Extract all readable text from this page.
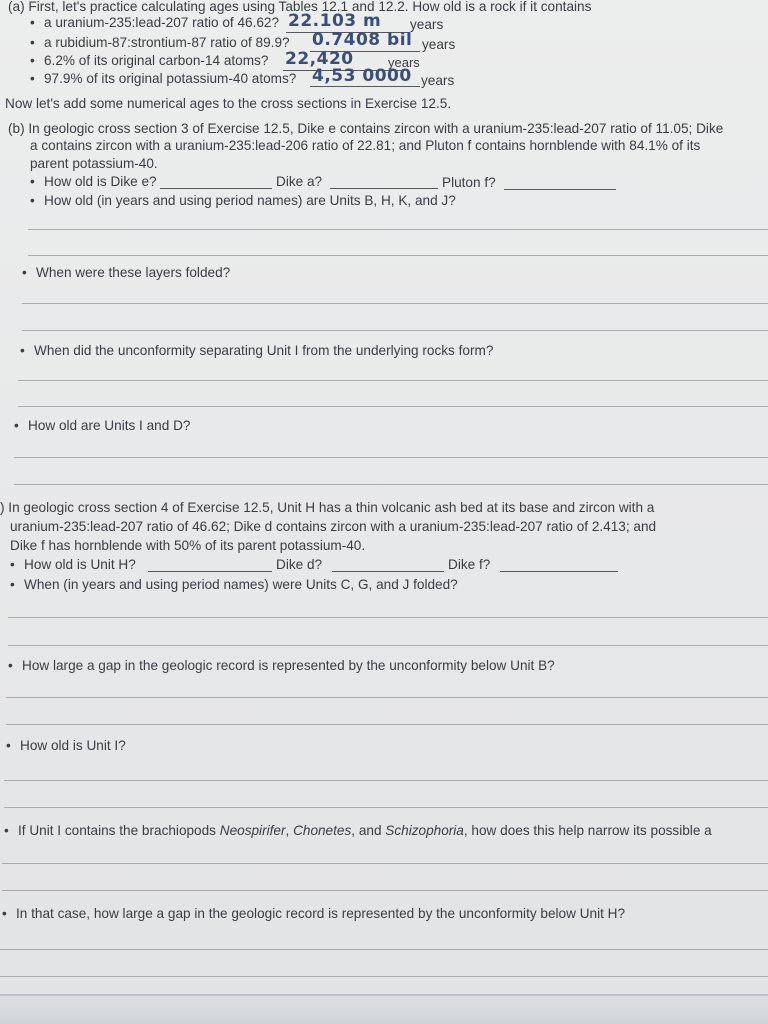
(a) First, let's practice calculating ages using Tables 12.1 and 12.2. How old is a rock if it contains
• a uranium-235:lead-207 ratio of 46.62? 22.103 m years
• a rubidium-87:strontium-87 ratio of 89.9? 0.7408 bil years
• 6.2% of its original carbon-14 atoms? 22,420	years
• 97.9% of its original potassium-40 atoms? 4,53 0000 years
Now let's add some numerical ages to the cross sections in Exercise 12.5.
(b) In geologic cross section 3 of Exercise 12.5, Dike e contains zircon with a uranium-235:lead-207 ratio of 11.05; Dike
a contains zircon with a uranium-235:lead-206 ratio of 22.81; and Pluton f contains hornblende with 84.1% of its
parent potassium-40.
• How old is Dike e?	Dike a?	Pluton f?
• How old (in years and using period names) are Units B, H, K, and J?
• When were these layers folded?
• When did the unconformity separating Unit I from the underlying rocks form?
• How old are Units I and D?
) In geologic cross section 4 of Exercise 12.5, Unit H has a thin volcanic ash bed at its base and zircon with a
uranium-235:lead-207 ratio of 46.62; Dike d contains zircon with a uranium-235:lead-207 ratio of 2.413; and
Dike f has hornblende with 50% of its parent potassium-40.
• How old is Unit H?	Dike d?	Dike f?
• When (in years and using period names) were Units C, G, and J folded?
• How large a gap in the geologic record is represented by the unconformity below Unit B?
• How old is Unit I?
• If Unit I contains the brachiopods Neospirifer, Chonetes, and Schizophoria, how does this help narrow its possible a
• In that case, how large a gap in the geologic record is represented by the unconformity below Unit H?
